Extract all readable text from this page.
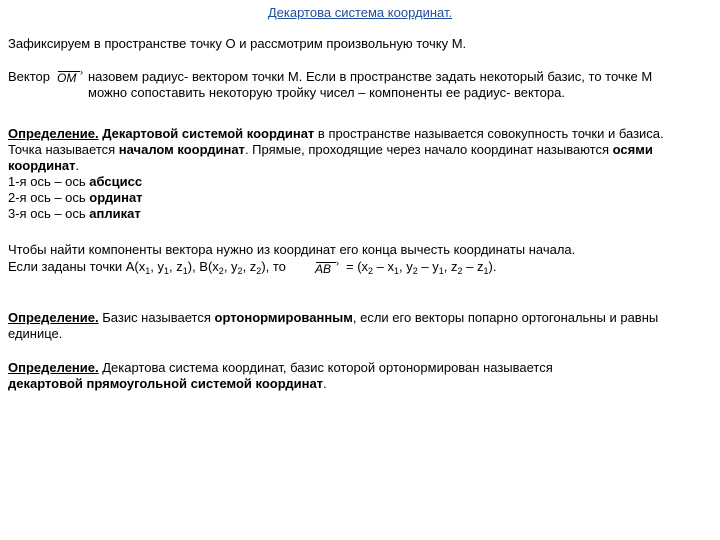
Декартова система координат.
Зафиксируем в пространстве точку О и рассмотрим произвольную точку М.
Вектор	›
OM назовем радиус- вектором точки М. Если в пространстве задать некоторый базис, то точке М
можно сопоставить некоторую тройку чисел – компоненты ее радиус- вектора.
Определение. Декартовой системой координат в пространстве называется совокупность точки и базиса.
Точка называется началом координат. Прямые, проходящие через начало координат называются осями
координат.
1-я ось – ось абсцисс
2-я ось – ось ординат
3-я ось – ось апликат
Чтобы найти компоненты вектора нужно из координат его конца вычесть координаты начала.
Если заданы точки $А(x_1$, $y_1$, $z_1$), $B(x_2$, $y_2$, $z_2$), то	›
AB	= ($x_2 - x_1$, $y_2 - y_1$, $z_2 - z_1$).
Определение. Базис называется ортонормированным, если его векторы попарно ортогональны и равны
единице.
Определение. Декартова система координат, базис которой ортонормирован называется
декартовой прямоугольной системой координат.
